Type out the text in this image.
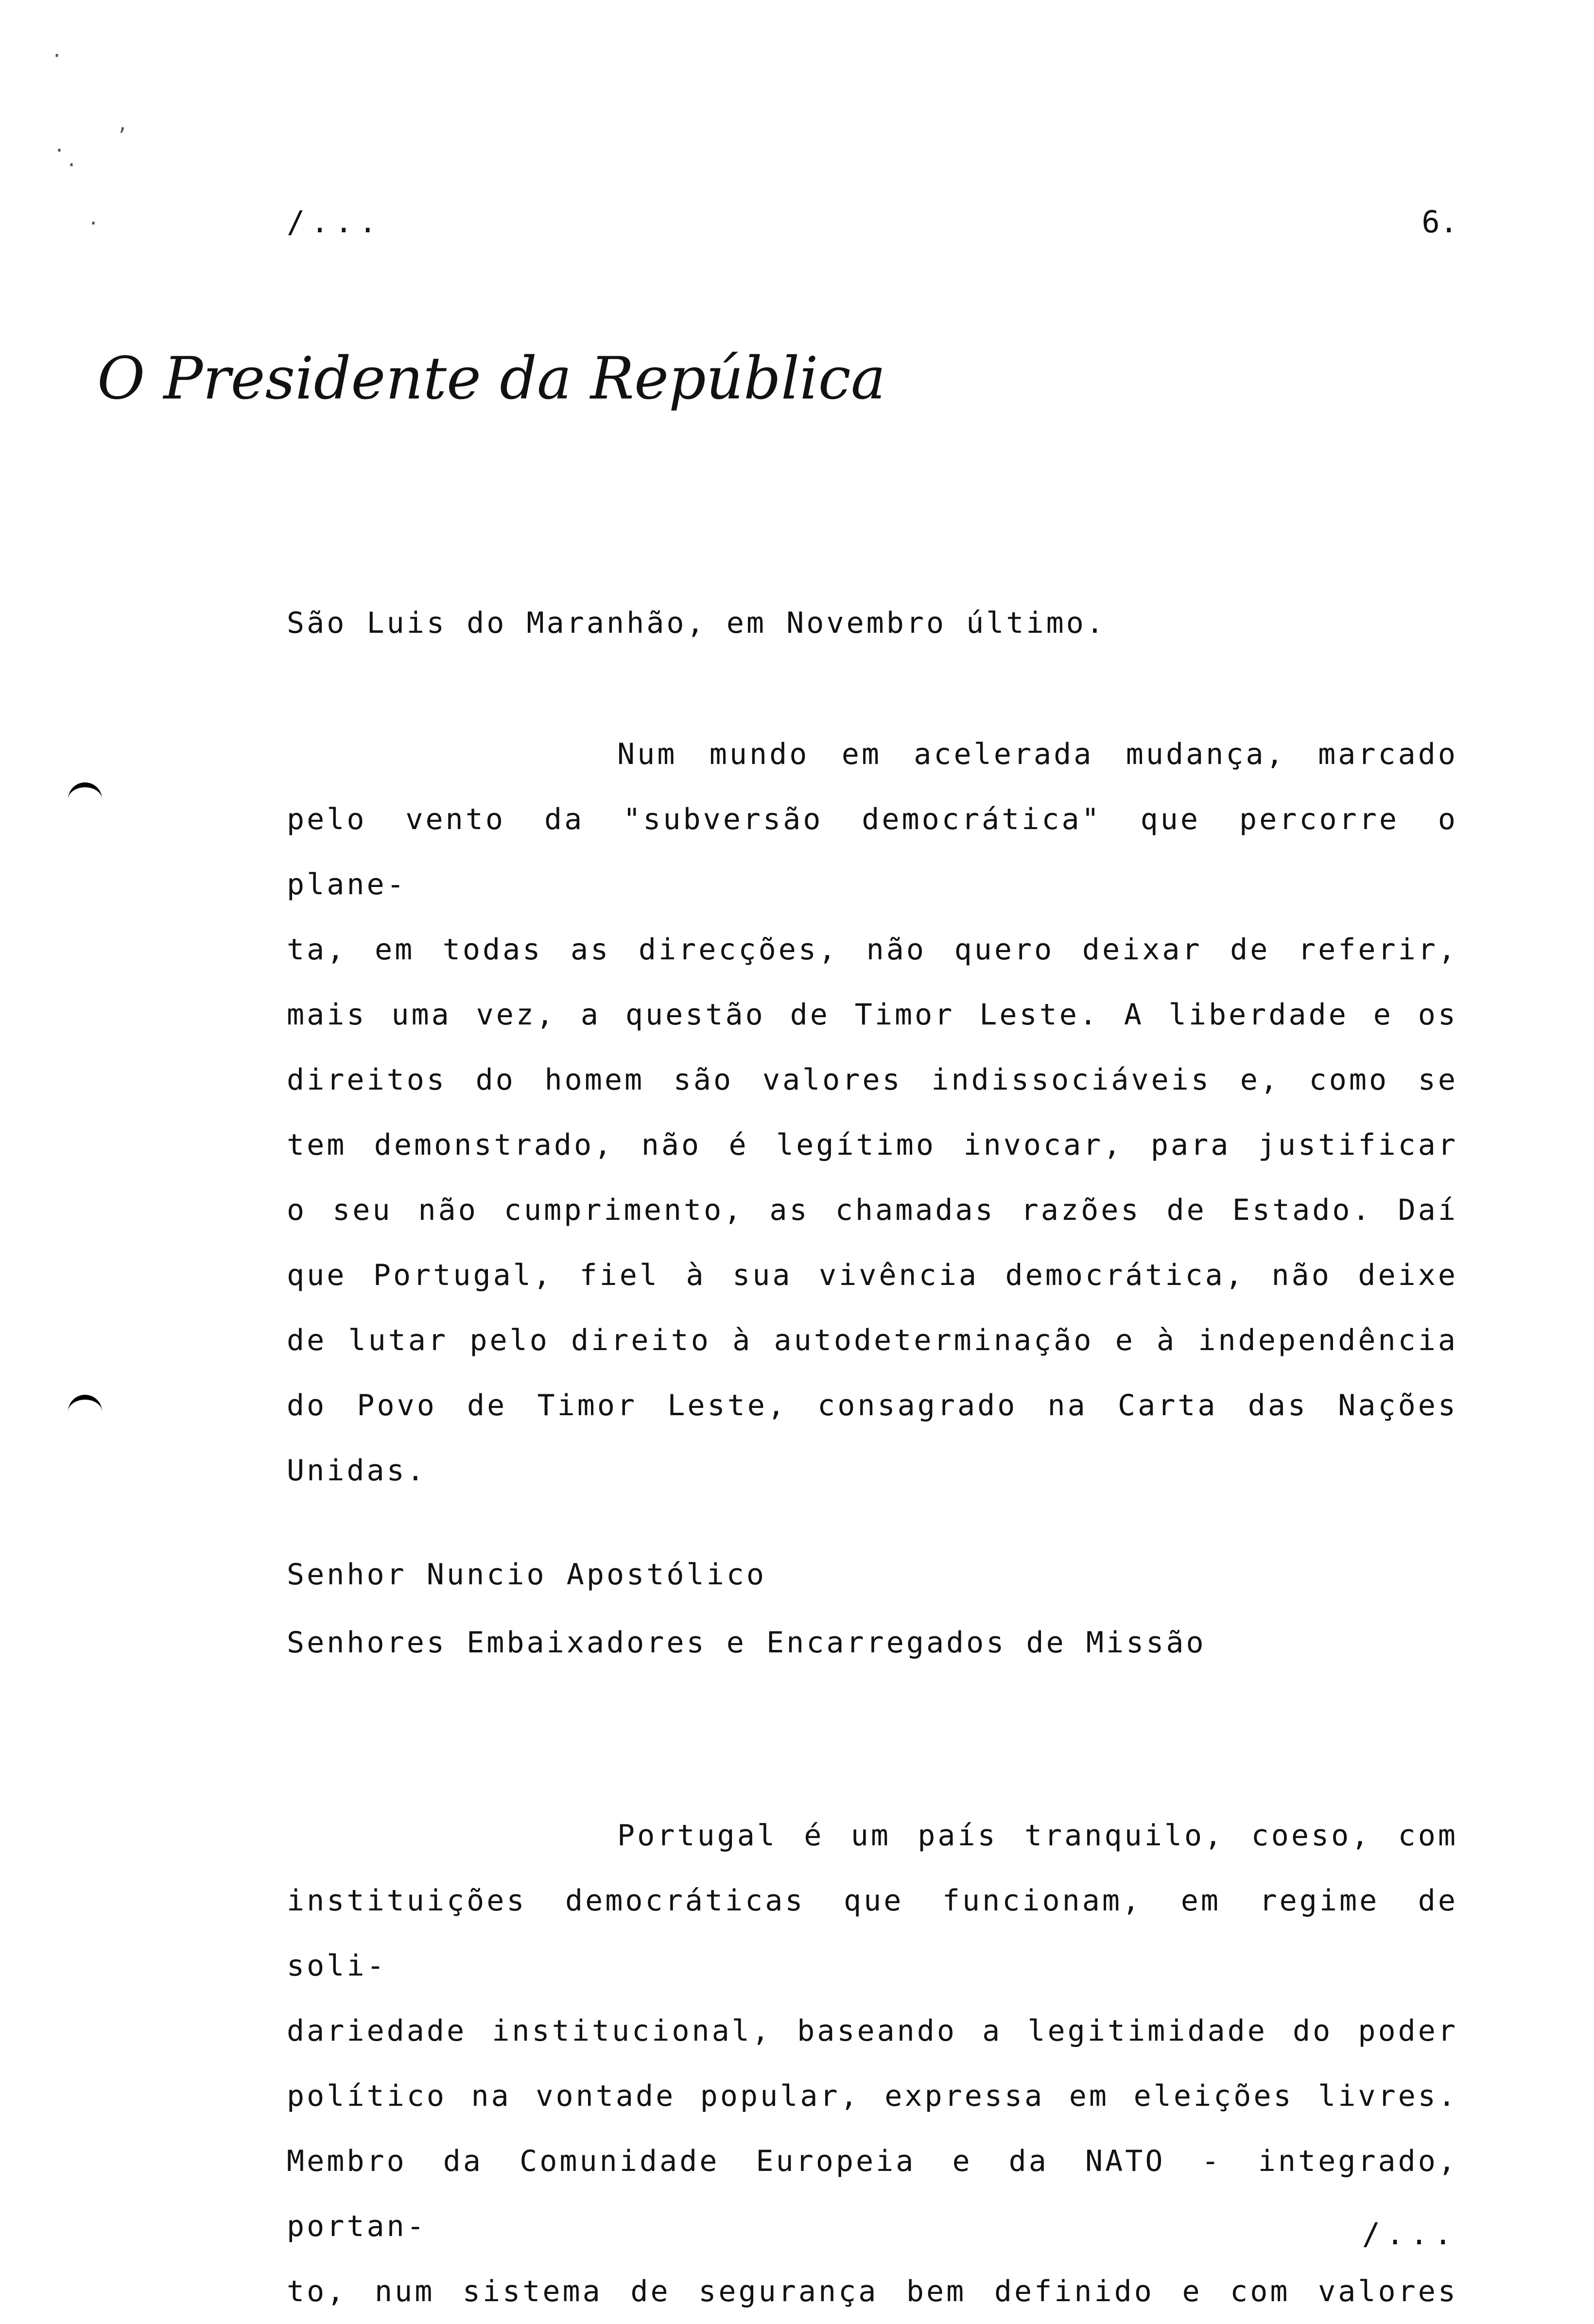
·
,
·
·
·	/...	6.
O Presidente da República
São Luis do Maranhão, em Novembro último.
Num mundo em acelerada mudança, marcado
pelo vento da "subversão democrática" que percorre o plane-
ta, em todas as direcções, não quero deixar de referir,
mais uma vez, a questão de Timor Leste. A liberdade e os
direitos do homem são valores indissociáveis e, como se
tem demonstrado, não é legítimo invocar, para justificar
o seu não cumprimento, as chamadas razões de Estado. Daí
que Portugal, fiel à sua vivência democrática, não deixe
de lutar pelo direito à autodeterminação e à independência
do Povo de Timor Leste, consagrado na Carta das Nações
Unidas.
Senhor Nuncio Apostólico
Senhores Embaixadores e Encarregados de Missão
Portugal é um país tranquilo, coeso, com
instituições democráticas que funcionam, em regime de soli-
dariedade institucional, baseando a legitimidade do poder
político na vontade popular, expressa em eleições livres.
Membro da Comunidade Europeia e da NATO - integrado, portan-
to, num sistema de segurança bem definido e com valores
/...
